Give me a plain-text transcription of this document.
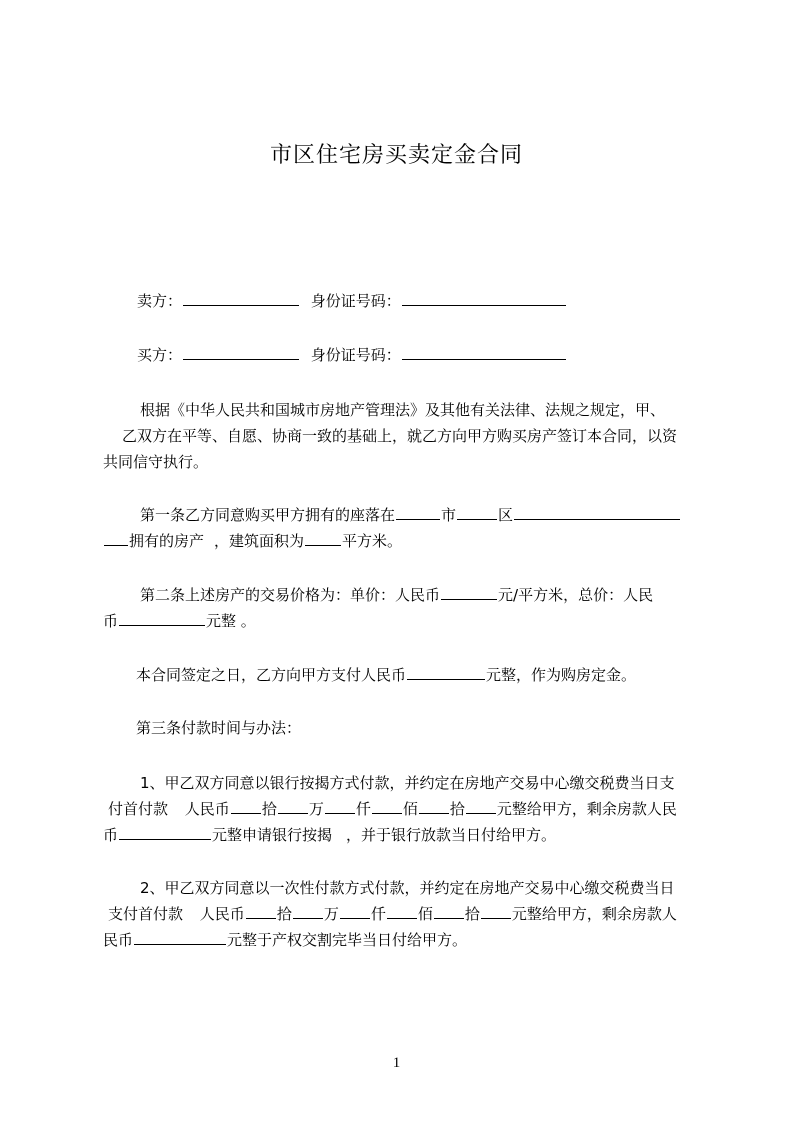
市区住宅房买卖定金合同
卖方：	身份证号码：
买方：	身份证号码：
根据《中华人民共和国城市房地产管理法》及其他有关法律、法规之规定，甲、
乙双方在平等、自愿、协商一致的基础上，就乙方向甲方购买房产签订本合同，以资
共同信守执行。
第一条乙方同意购买甲方拥有的座落在	市	区
拥有的房产 ，建筑面积为	平方米。
第二条上述房产的交易价格为：单价：人民币	元/平方米，总价：人民
币	元整 。
本合同签定之日，乙方向甲方支付人民币	元整，作为购房定金。
第三条付款时间与办法：
1、甲乙双方同意以银行按揭方式付款，并约定在房地产交易中心缴交税费当日支
付首付款 人民币 拾 万 仟 佰 拾 元整给甲方，剩余房款人民
币	元整申请银行按揭 ，并于银行放款当日付给甲方。
2、甲乙双方同意以一次性付款方式付款，并约定在房地产交易中心缴交税费当日
支付首付款 人民币 拾 万 仟 佰 拾 元整给甲方，剩余房款人
民币	元整于产权交割完毕当日付给甲方。
1
